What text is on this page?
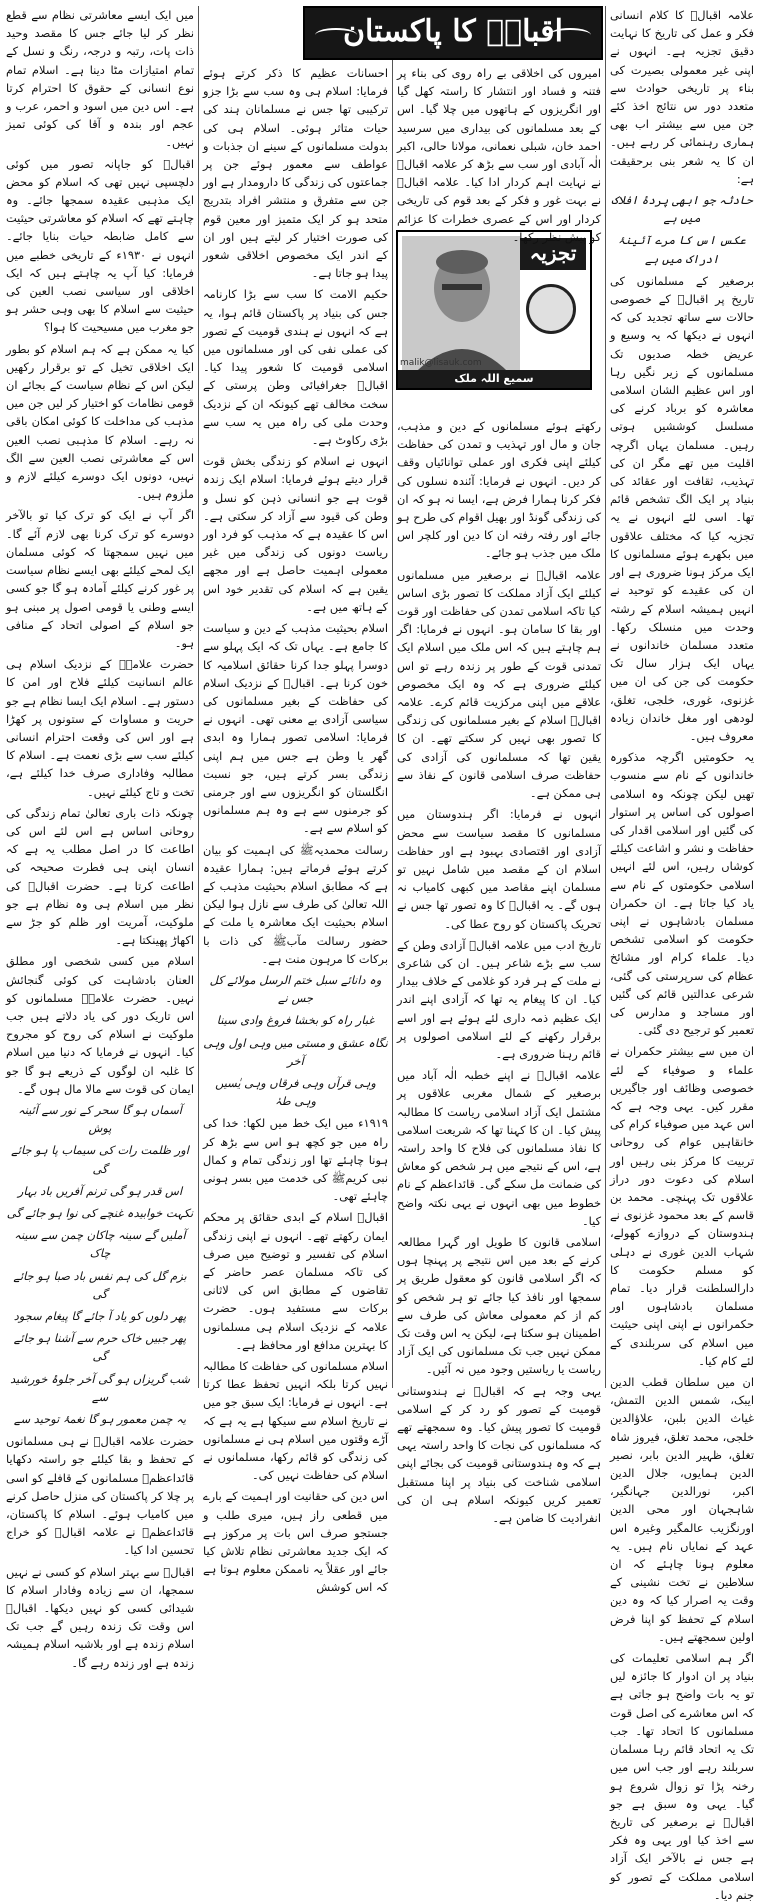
اقبالؒ کا پاکستان
تجزیہ
malik@lisauk.com
سمیع اللہ ملک

علامہ اقبالؒ کا کلام انسانی فکر و عمل کی تاریخ کا نہایت دقیق تجزیہ ہے۔ انہوں نے اپنی غیر معمولی بصیرت کی بناء پر تاریخی حوادث سے متعدد دور س نتائج اخذ کئے جن میں سے بیشتر اب بھی ہماری رہنمائی کر رہے ہیں۔ ان کا یہ شعر بنی برحقیقت ہے:

حادثہ جو ابھی پردۂ افلاک میں ہے

عکس اس کا مرے آئینۂ ادراک میں ہے

برصغیر کے مسلمانوں کی تاریخ پر اقبالؒ کے خصوصی حالات سے ساتھ تجدید کی کہ انہوں نے دیکھا کہ یہ وسیع و عریض خطہ صدیوں تک مسلمانوں کے زیر نگیں رہا اور اس عظیم الشان اسلامی معاشرہ کو برباد کرنے کی مسلسل کوششیں ہوتی رہیں۔ مسلمان یہاں اگرچہ اقلیت میں تھے مگر ان کی تہذیب، ثقافت اور عقائد کی بنیاد پر ایک الگ تشخص قائم تھا۔ اسی لئے انہوں نے یہ تجزیہ کیا کہ مختلف علاقوں میں بکھرے ہوئے مسلمانوں کا ایک مرکز ہونا ضروری ہے اور ان کی عقیدے کو توحید نے انہیں ہمیشہ اسلام کے رشتہ وحدت میں منسلک رکھا۔ متعدد مسلمان خاندانوں نے یہاں ایک ہزار سال تک حکومت کی جن کی ان میں غزنوی، غوری، خلجی، تغلق، لودھی اور مغل خاندان زیادہ معروف ہیں۔

یہ حکومتیں اگرچہ مذکورہ خاندانوں کے نام سے منسوب تھیں لیکن چونکہ وہ اسلامی اصولوں کی اساس پر استوار کی گئیں اور اسلامی اقدار کی حفاظت و نشر و اشاعت کیلئے کوشاں رہیں، اس لئے انہیں اسلامی حکومتوں کے نام سے یاد کیا جاتا ہے۔ ان حکمران مسلمان بادشاہوں نے اپنی حکومت کو اسلامی تشخص دیا۔ علماء کرام اور مشائخ عظام کی سرپرستی کی گئی، شرعی عدالتیں قائم کی گئیں اور مساجد و مدارس کی تعمیر کو ترجیح دی گئی۔

ان میں سے بیشتر حکمران نے علماء و صوفیاء کے لئے خصوصی وظائف اور جاگیریں مقرر کیں۔ یہی وجہ ہے کہ اس عہد میں صوفیاء کرام کی خانقاہیں عوام کی روحانی تربیت کا مرکز بنی رہیں اور اسلام کی دعوت دور دراز علاقوں تک پہنچی۔ محمد بن قاسم کے بعد محمود غزنوی نے ہندوستان کے دروازے کھولے، شہاب الدین غوری نے دہلی کو مسلم حکومت کا دارالسلطنت قرار دیا۔ تمام مسلمان بادشاہوں اور حکمرانوں نے اپنی اپنی حیثیت میں اسلام کی سربلندی کے لئے کام کیا۔

ان میں سلطان قطب الدین ایبک، شمس الدین التمش، غیاث الدین بلبن، علاؤالدین خلجی، محمد تغلق، فیروز شاہ تغلق، ظہیر الدین بابر، نصیر الدین ہمایوں، جلال الدین اکبر، نورالدین جہانگیر، شاہجہان اور محی الدین اورنگزیب عالمگیر وغیرہ اس عہد کے نمایاں نام ہیں۔ یہ معلوم ہونا چاہئے کہ ان سلاطین نے تخت نشینی کے وقت یہ اصرار کیا کہ وہ دین اسلام کے تحفظ کو اپنا فرض اولین سمجھتے ہیں۔

اگر ہم اسلامی تعلیمات کی بنیاد پر ان ادوار کا جائزہ لیں تو یہ بات واضح ہو جاتی ہے کہ اس معاشرے کی اصل قوت مسلمانوں کا اتحاد تھا۔ جب تک یہ اتحاد قائم رہا مسلمان سربلند رہے اور جب اس میں رخنہ پڑا تو زوال شروع ہو گیا۔ یہی وہ سبق ہے جو اقبالؒ نے برصغیر کی تاریخ سے اخذ کیا اور یہی وہ فکر ہے جس نے بالآخر ایک آزاد اسلامی مملکت کے تصور کو جنم دیا۔

امیروں کی اخلاقی بے راہ روی کی بناء پر فتنہ و فساد اور انتشار کا راستہ کھل گیا اور انگریزوں کے ہاتھوں میں چلا گیا۔ اس کے بعد مسلمانوں کی بیداری میں سرسید احمد خان، شبلی نعمانی، مولانا حالی، اکبر الٰہ آبادی اور سب سے بڑھ کر علامہ اقبالؒ نے نہایت اہم کردار ادا کیا۔ علامہ اقبالؒ نے بہت غور و فکر کے بعد قوم کی تاریخی کردار اور اس کے عصری خطرات کا عزائم کو پیش نظر رکھا۔

رکھتے ہوئے مسلمانوں کے دین و مذہب، جان و مال اور تہذیب و تمدن کی حفاظت کیلئے اپنی فکری اور عملی توانائیاں وقف کر دیں۔ انہوں نے فرمایا: آئندہ نسلوں کی فکر کرنا ہمارا فرض ہے، ایسا نہ ہو کہ ان کی زندگی گونڈ اور بھیل اقوام کی طرح ہو جائے اور رفتہ رفتہ ان کا دین اور کلچر اس ملک میں جذب ہو جائے۔

علامہ اقبالؒ نے برصغیر میں مسلمانوں کیلئے ایک آزاد مملکت کا تصور بڑی اساس کیا تاکہ اسلامی تمدن کی حفاظت اور قوت اور بقا کا سامان ہو۔ انہوں نے فرمایا: اگر ہم چاہتے ہیں کہ اس ملک میں اسلام ایک تمدنی قوت کے طور پر زندہ رہے تو اس کیلئے ضروری ہے کہ وہ ایک مخصوص علاقے میں اپنی مرکزیت قائم کرے۔ علامہ اقبالؒ اسلام کے بغیر مسلمانوں کی زندگی کا تصور بھی نہیں کر سکتے تھے۔ ان کا یقین تھا کہ مسلمانوں کی آزادی کی حفاظت صرف اسلامی قانون کے نفاذ سے ہی ممکن ہے۔

انہوں نے فرمایا: اگر ہندوستان میں مسلمانوں کا مقصد سیاست سے محض آزادی اور اقتصادی بہبود ہے اور حفاظت اسلام ان کے مقصد میں شامل نہیں تو مسلمان اپنے مقاصد میں کبھی کامیاب نہ ہوں گے۔ یہ اقبالؒ کا وہ تصور تھا جس نے تحریک پاکستان کو روح عطا کی۔

تاریخ ادب میں علامہ اقبالؒ آزادی وطن کے سب سے بڑے شاعر ہیں۔ ان کی شاعری نے ملت کے ہر فرد کو غلامی کے خلاف بیدار کیا۔ ان کا پیغام یہ تھا کہ آزادی اپنے اندر ایک عظیم ذمہ داری لئے ہوئے ہے اور اسے برقرار رکھنے کے لئے اسلامی اصولوں پر قائم رہنا ضروری ہے۔

علامہ اقبالؒ نے اپنے خطبہ الٰہ آباد میں برصغیر کے شمال مغربی علاقوں پر مشتمل ایک آزاد اسلامی ریاست کا مطالبہ پیش کیا۔ ان کا کہنا تھا کہ شریعت اسلامی کا نفاذ مسلمانوں کی فلاح کا واحد راستہ ہے، اس کے نتیجے میں ہر شخص کو معاش کی ضمانت مل سکے گی۔ قائداعظم کے نام خطوط میں بھی انہوں نے یہی نکتہ واضح کیا۔

اسلامی قانون کا طویل اور گہرا مطالعہ کرنے کے بعد میں اس نتیجے پر پہنچا ہوں کہ اگر اسلامی قانون کو معقول طریق پر سمجھا اور نافذ کیا جائے تو ہر شخص کو کم از کم معمولی معاش کی طرف سے اطمینان ہو سکتا ہے، لیکن یہ اس وقت تک ممکن نہیں جب تک مسلمانوں کی ایک آزاد ریاست یا ریاستیں وجود میں نہ آئیں۔

یہی وجہ ہے کہ اقبالؒ نے ہندوستانی قومیت کے تصور کو رد کر کے اسلامی قومیت کا تصور پیش کیا۔ وہ سمجھتے تھے کہ مسلمانوں کی نجات کا واحد راستہ یہی ہے کہ وہ ہندوستانی قومیت کی بجائے اپنی اسلامی شناخت کی بنیاد پر اپنا مستقبل تعمیر کریں کیونکہ اسلام ہی ان کی انفرادیت کا ضامن ہے۔

احسانات عظیم کا ذکر کرتے ہوئے فرمایا: اسلام ہی وہ سب سے بڑا جزو ترکیبی تھا جس نے مسلمانان ہند کی حیات متاثر ہوئی۔ اسلام ہی کی بدولت مسلمانوں کے سینے ان جذبات و عواطف سے معمور ہوئے جن پر جماعتوں کی زندگی کا دارومدار ہے اور جن سے متفرق و منتشر افراد بتدریج متحد ہو کر ایک متمیز اور معین قوم کی صورت اختیار کر لیتے ہیں اور ان کے اندر ایک مخصوص اخلاقی شعور پیدا ہو جاتا ہے۔

حکیم الامت کا سب سے بڑا کارنامہ جس کی بنیاد پر پاکستان قائم ہوا، یہ ہے کہ انہوں نے ہندی قومیت کے تصور کی عملی نفی کی اور مسلمانوں میں اسلامی قومیت کا شعور پیدا کیا۔ اقبالؒ جغرافیائی وطن پرستی کے سخت مخالف تھے کیونکہ ان کے نزدیک وحدت ملی کی راہ میں یہ سب سے بڑی رکاوٹ ہے۔

انہوں نے اسلام کو زندگی بخش قوت قرار دیتے ہوئے فرمایا: اسلام ایک زندہ قوت ہے جو انسانی ذہن کو نسل و وطن کی قیود سے آزاد کر سکتی ہے۔ اس کا عقیدہ ہے کہ مذہب کو فرد اور ریاست دونوں کی زندگی میں غیر معمولی اہمیت حاصل ہے اور مجھے یقین ہے کہ اسلام کی تقدیر خود اس کے ہاتھ میں ہے۔

اسلام بحیثیت مذہب کے دین و سیاست کا جامع ہے۔ یہاں تک کہ ایک پہلو سے دوسرا پہلو جدا کرنا حقائق اسلامیہ کا خون کرنا ہے۔ اقبالؒ کے نزدیک اسلام کی حفاظت کے بغیر مسلمانوں کی سیاسی آزادی بے معنی تھی۔ انہوں نے فرمایا: اسلامی تصور ہمارا وہ ابدی گھر یا وطن ہے جس میں ہم اپنی زندگی بسر کرتے ہیں، جو نسبت انگلستان کو انگریزوں سے اور جرمنی کو جرمنوں سے ہے وہ ہم مسلمانوں کو اسلام سے ہے۔

رسالت محمدیہﷺ کی اہمیت کو بیان کرتے ہوئے فرماتے ہیں: ہمارا عقیدہ ہے کہ مطابق اسلام بحیثیت مذہب کے اللہ تعالیٰ کی طرف سے نازل ہوا لیکن اسلام بحیثیت ایک معاشرہ یا ملت کے حضور رسالت مآبﷺ کی ذات با برکات کا مرہون منت ہے۔

وہ دانائے سبل ختم الرسل مولائے کل جس نے

غبار راہ کو بخشا فروغ وادی سینا

نگاہ عشق و مستی میں وہی اول وہی آخر

وہی قرآں وہی فرقاں وہی یٰسیں وہی طہٰ

۱۹۱۹ء میں ایک خط میں لکھا: خدا کی راہ میں جو کچھ ہو اس سے بڑھ کر ہونا چاہئے تھا اور زندگی تمام و کمال نبی کریمﷺ کی خدمت میں بسر ہونی چاہئے تھی۔

اقبالؒ اسلام کے ابدی حقائق پر محکم ایمان رکھتے تھے۔ انہوں نے اپنی زندگی اسلام کی تفسیر و توضیح میں صرف کی تاکہ مسلمان عصر حاضر کے تقاضوں کے مطابق اس کی لاثانی برکات سے مستفید ہوں۔ حضرت علامہ کے نزدیک اسلام ہی مسلمانوں کا بہترین مدافع اور محافظ ہے۔

اسلام مسلمانوں کی حفاظت کا مطالبہ نہیں کرتا بلکہ انہیں تحفظ عطا کرتا ہے۔ انہوں نے فرمایا: ایک سبق جو میں نے تاریخ اسلام سے سیکھا ہے یہ ہے کہ آڑے وقتوں میں اسلام ہی نے مسلمانوں کی زندگی کو قائم رکھا، مسلمانوں نے اسلام کی حفاظت نہیں کی۔

اس دین کی حقانیت اور اہمیت کے بارے میں قطعی راز ہیں، میری طلب و جستجو صرف اس بات پر مرکوز ہے کہ ایک جدید معاشرتی نظام تلاش کیا جائے اور عقلاً یہ ناممکن معلوم ہوتا ہے کہ اس کوشش

میں ایک ایسے معاشرتی نظام سے قطع نظر کر لیا جائے جس کا مقصد وحید ذات پات، رتبہ و درجہ، رنگ و نسل کے تمام امتیازات مٹا دینا ہے۔ اسلام تمام نوع انسانی کے حقوق کا احترام کرتا ہے۔ اس دین میں اسود و احمر، عرب و عجم اور بندہ و آقا کی کوئی تمیز نہیں۔

اقبالؒ کو جاپانہ تصور میں کوئی دلچسپی نہیں تھی کہ اسلام کو محض ایک مذہبی عقیدہ سمجھا جائے۔ وہ چاہتے تھے کہ اسلام کو معاشرتی حیثیت سے کامل ضابطہ حیات بنایا جائے۔ انہوں نے ۱۹۳۰ء کے تاریخی خطبے میں فرمایا: کیا آپ یہ چاہتے ہیں کہ ایک اخلاقی اور سیاسی نصب العین کی حیثیت سے اسلام کا بھی وہی حشر ہو جو مغرب میں مسیحیت کا ہوا؟

کیا یہ ممکن ہے کہ ہم اسلام کو بطور ایک اخلاقی تخیل کے تو برقرار رکھیں لیکن اس کے نظام سیاست کے بجائے ان قومی نظامات کو اختیار کر لیں جن میں مذہب کی مداخلت کا کوئی امکان باقی نہ رہے۔ اسلام کا مذہبی نصب العین اس کے معاشرتی نصب العین سے الگ نہیں، دونوں ایک دوسرے کیلئے لازم و ملزوم ہیں۔

اگر آپ نے ایک کو ترک کیا تو بالآخر دوسرے کو ترک کرنا بھی لازم آئے گا۔ میں نہیں سمجھتا کہ کوئی مسلمان ایک لمحے کیلئے بھی ایسے نظام سیاست پر غور کرنے کیلئے آمادہ ہو گا جو کسی ایسے وطنی یا قومی اصول پر مبنی ہو جو اسلام کے اصولی اتحاد کے منافی ہو۔

حضرت علامہؒ کے نزدیک اسلام ہی عالم انسانیت کیلئے فلاح اور امن کا دستور ہے۔ اسلام ایک ایسا نظام ہے جو حریت و مساوات کے ستونوں پر کھڑا ہے اور اس کی وقعت احترام انسانی کیلئے سب سے بڑی نعمت ہے۔ اسلام کا مطالبہ وفاداری صرف خدا کیلئے ہے، تخت و تاج کیلئے نہیں۔

چونکہ ذات باری تعالیٰ تمام زندگی کی روحانی اساس ہے اس لئے اس کی اطاعت کا در اصل مطلب یہ ہے کہ انسان اپنی ہی فطرت صحیحہ کی اطاعت کرتا ہے۔ حضرت اقبالؒ کی نظر میں اسلام ہی وہ نظام ہے جو ملوکیت، آمریت اور ظلم کو جڑ سے اکھاڑ پھینکتا ہے۔

اسلام میں کسی شخصی اور مطلق العنان بادشاہت کی کوئی گنجائش نہیں۔ حضرت علامہؒ مسلمانوں کو اس تاریک دور کی یاد دلاتے ہیں جب ملوکیت نے اسلام کی روح کو مجروح کیا۔ انہوں نے فرمایا کہ دنیا میں اسلام کا غلبہ ان لوگوں کے ذریعے ہو گا جو ایمان کی قوت سے مالا مال ہوں گے۔

آسماں ہو گا سحر کے نور سے آئینہ پوش

اور ظلمت رات کی سیماب پا ہو جائے گی

اس قدر ہو گی ترنم آفریں باد بہار

نکہت خوابیدہ غنچے کی نوا ہو جائے گی

آملیں گے سینہ چاکان چمن سے سینہ چاک

بزم گل کی ہم نفس باد صبا ہو جائے گی

پھر دلوں کو یاد آ جائے گا پیغام سجود

پھر جبیں خاک حرم سے آشنا ہو جائے گی

شب گریزاں ہو گی آخر جلوۂ خورشید سے

یہ چمن معمور ہو گا نغمۂ توحید سے

حضرت علامہ اقبالؒ نے ہی مسلمانوں کے تحفظ و بقا کیلئے جو راستہ دکھایا قائداعظمؒ مسلمانوں کے قافلے کو اسی پر چلا کر پاکستان کی منزل حاصل کرنے میں کامیاب ہوئے۔ اسلام کا پاکستان، قائداعظمؒ نے علامہ اقبالؒ کو خراج تحسین ادا کیا۔

اقبالؒ سے بہتر اسلام کو کسی نے نہیں سمجھا، ان سے زیادہ وفادار اسلام کا شیدائی کسی کو نہیں دیکھا۔ اقبالؒ اس وقت تک زندہ رہیں گے جب تک اسلام زندہ ہے اور بلاشبہ اسلام ہمیشہ زندہ ہے اور زندہ رہے گا۔
